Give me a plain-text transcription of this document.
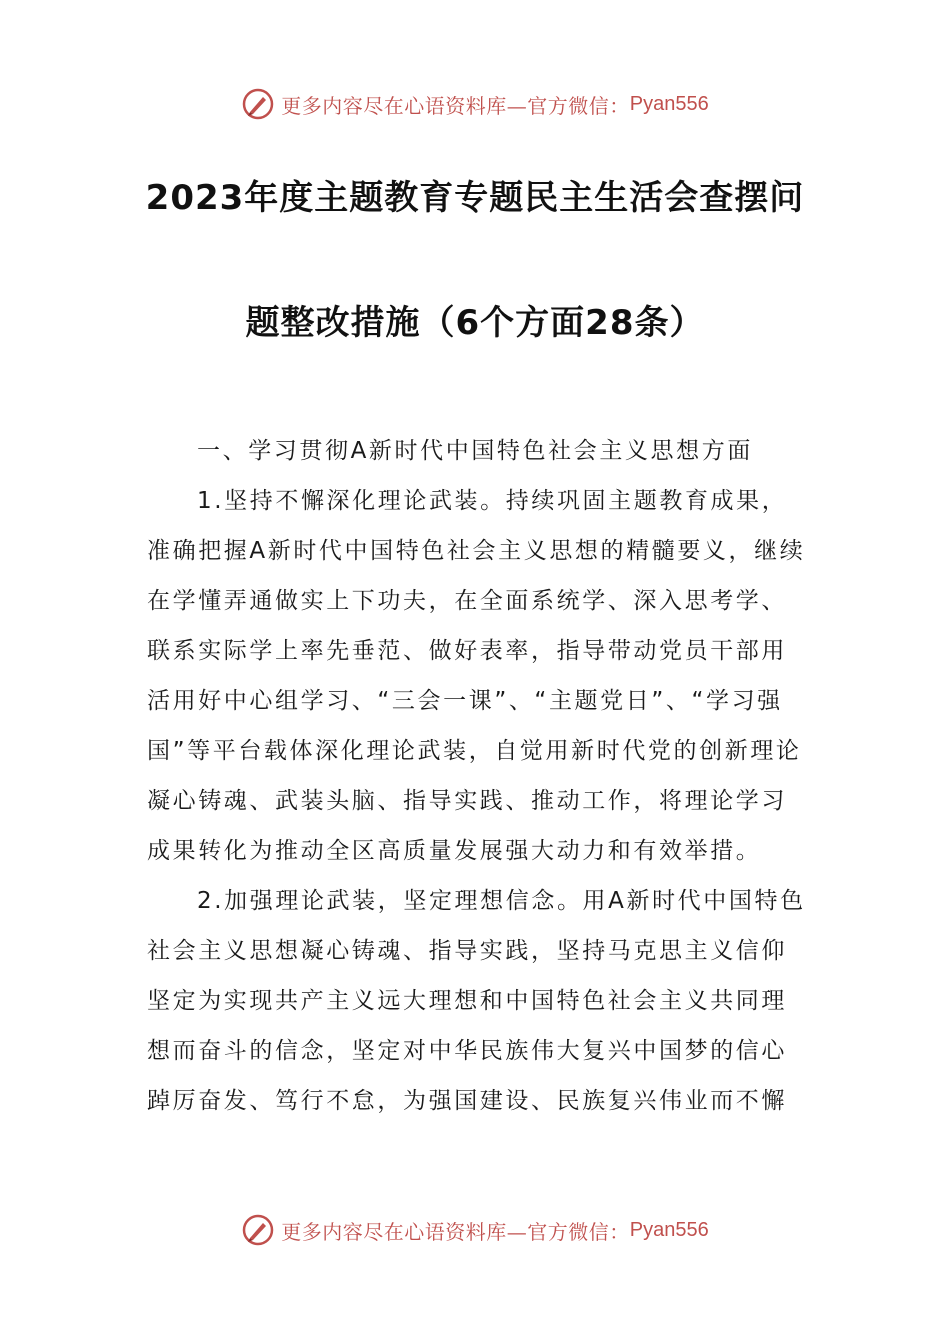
更多内容尽在心语资料库—官方微信： Pyan556
2023年度主题教育专题民主生活会查摆问
题整改措施（6个方面28条）

一、学习贯彻A新时代中国特色社会主义思想方面

1.坚持不懈深化理论武装。持续巩固主题教育成果，准确把握A新时代中国特色社会主义思想的精髓要义，继续在学懂弄通做实上下功夫，在全面系统学、深入思考学、联系实际学上率先垂范、做好表率，指导带动党员干部用活用好中心组学习、“三会一课”、“主题党日”、“学习强国”等平台载体深化理论武装，自觉用新时代党的创新理论凝心铸魂、武装头脑、指导实践、推动工作，将理论学习成果转化为推动全区高质量发展强大动力和有效举措。

2.加强理论武装，坚定理想信念。用A新时代中国特色社会主义思想凝心铸魂、指导实践，坚持马克思主义信仰坚定为实现共产主义远大理想和中国特色社会主义共同理想而奋斗的信念，坚定对中华民族伟大复兴中国梦的信心踔厉奋发、笃行不怠，为强国建设、民族复兴伟业而不懈

更多内容尽在心语资料库—官方微信： Pyan556
